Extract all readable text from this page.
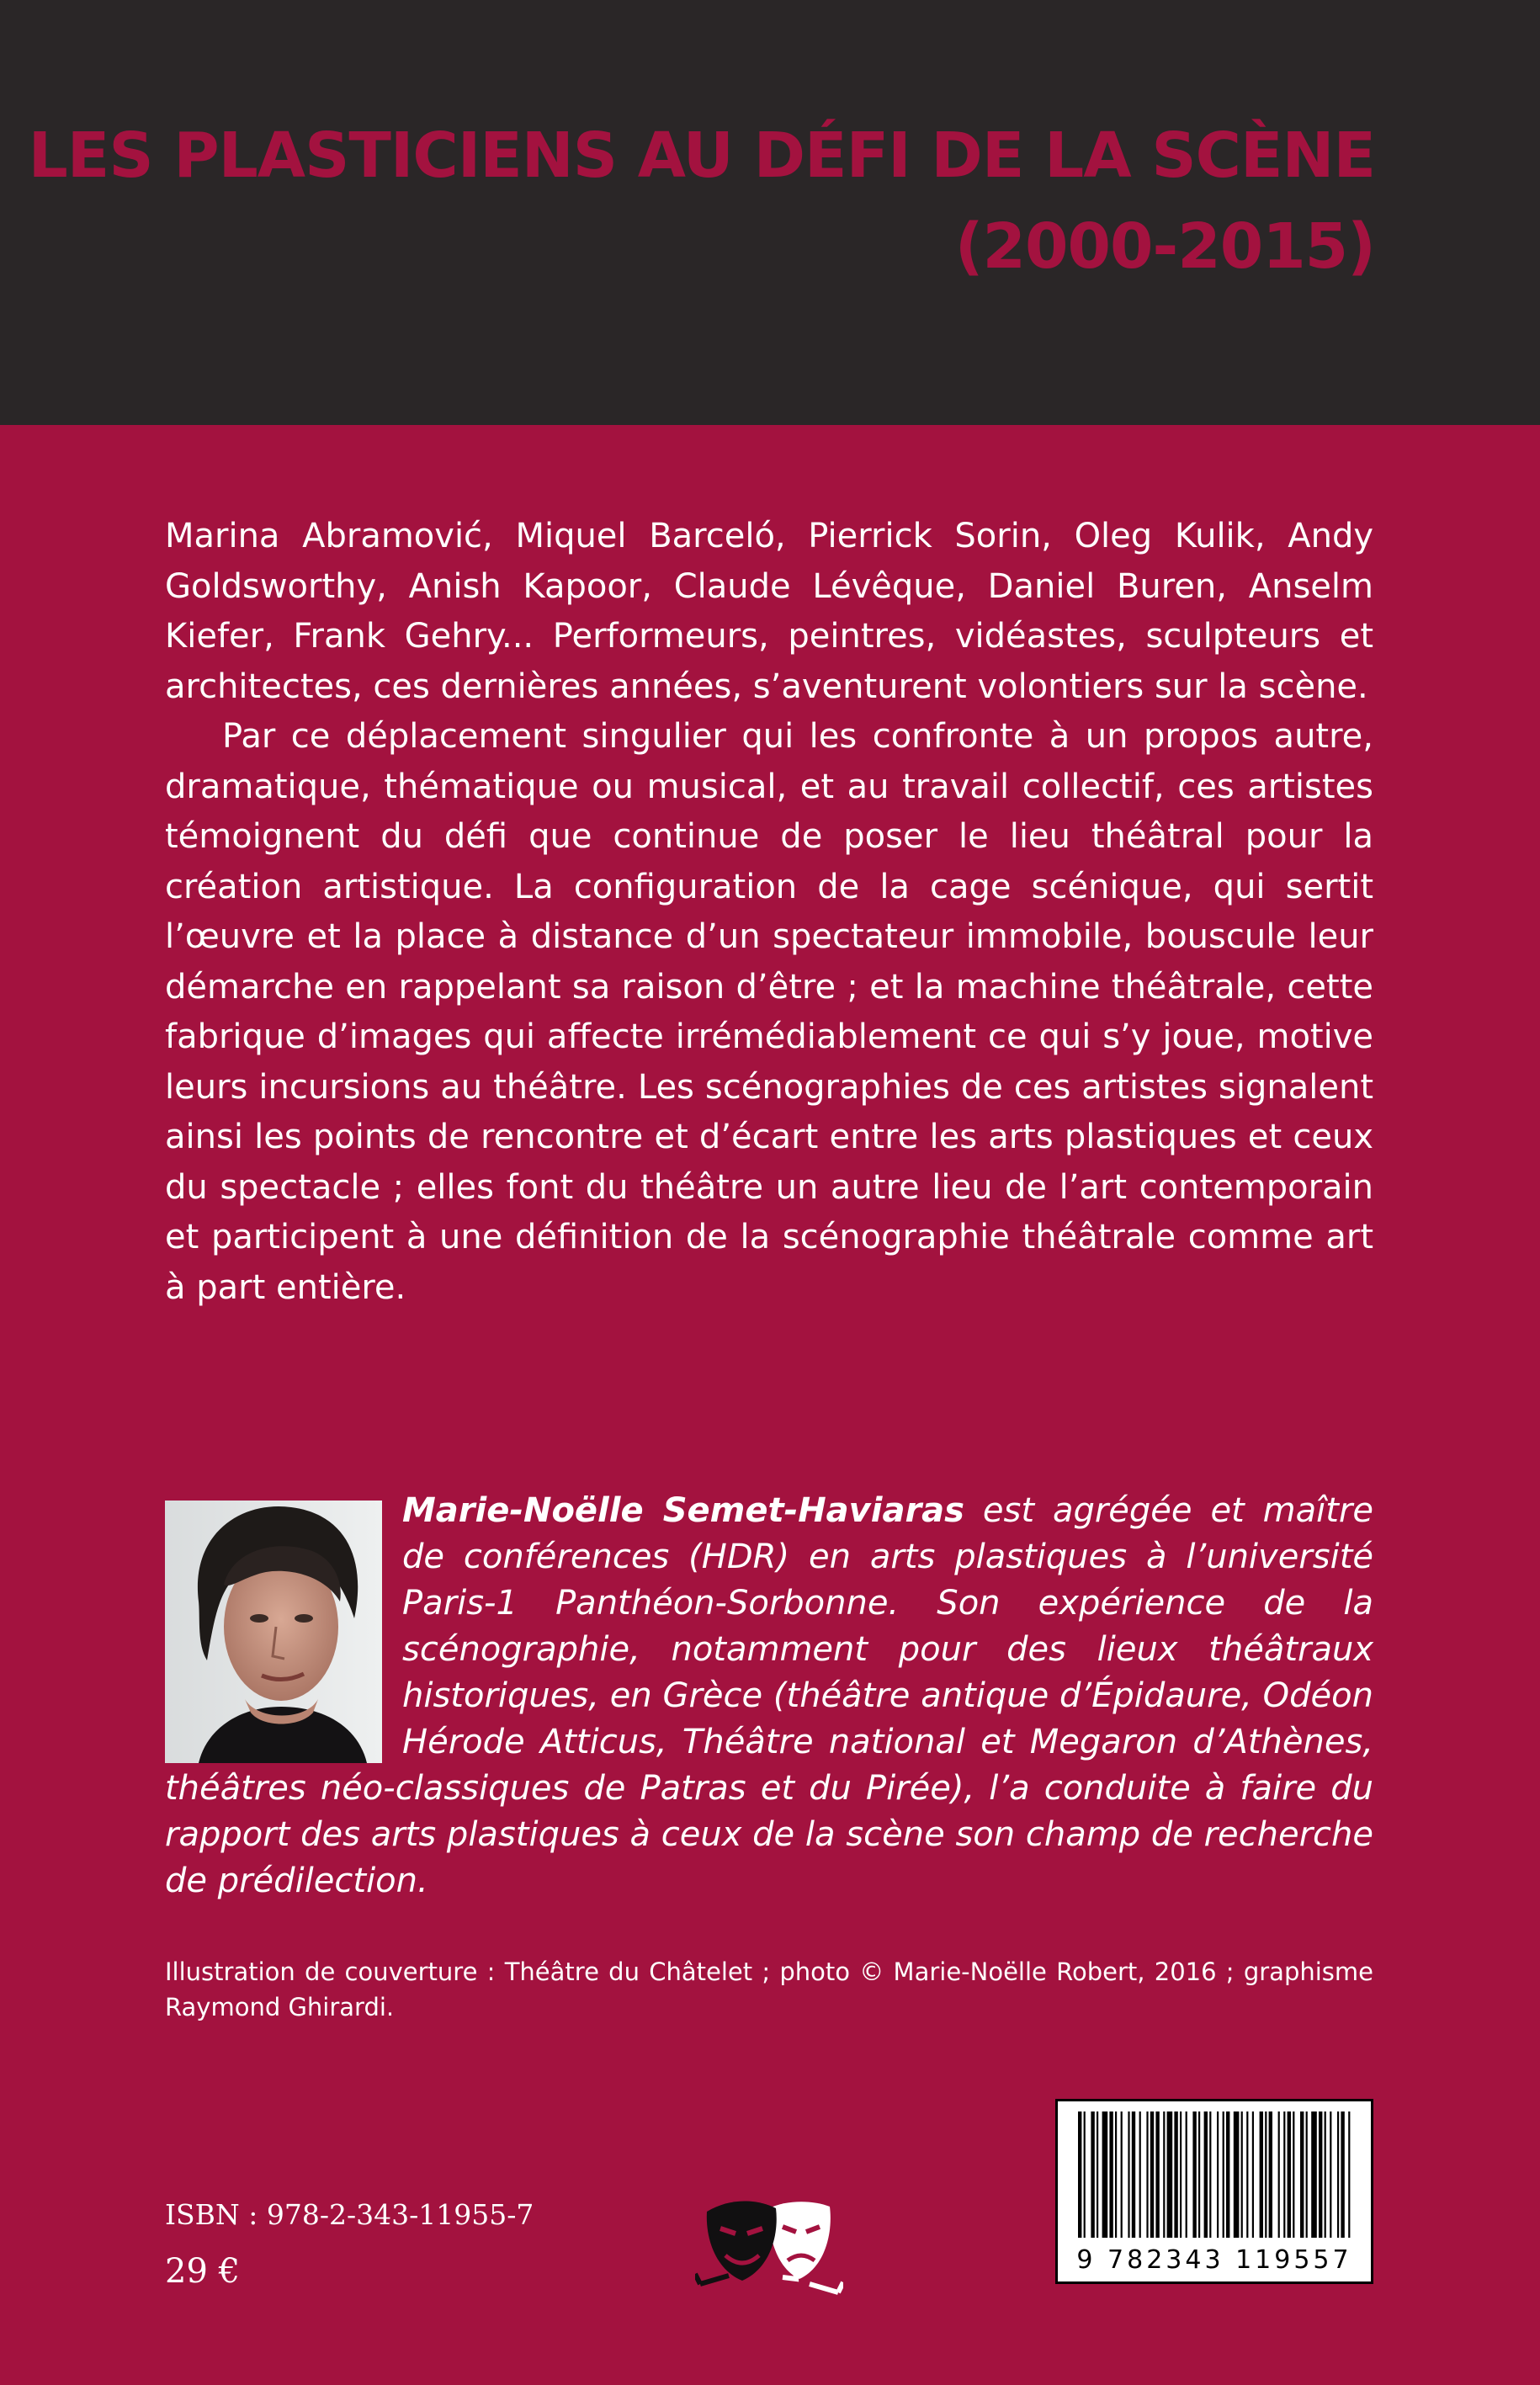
LES PLASTICIENS AU DÉFI DE LA SCÈNE
(2000-2015)

Marina Abramović, Miquel Barceló, Pierrick Sorin, Oleg Kulik, Andy Goldsworthy, Anish Kapoor, Claude Lévêque, Daniel Buren, Anselm Kiefer, Frank Gehry... Performeurs, peintres, vidéastes, sculpteurs et architectes, ces dernières années, s’aventurent volontiers sur la scène.

Par ce déplacement singulier qui les confronte à un propos autre, dramatique, thématique ou musical, et au travail collectif, ces artistes témoignent du défi que continue de poser le lieu théâtral pour la création artistique. La configuration de la cage scénique, qui sertit l’œuvre et la place à distance d’un spectateur immobile, bouscule leur démarche en rappelant sa raison d’être ; et la machine théâtrale, cette fabrique d’images qui affecte irrémédiablement ce qui s’y joue, motive leurs incursions au théâtre. Les scénographies de ces artistes signalent ainsi les points de rencontre et d’écart entre les arts plastiques et ceux du spectacle ; elles font du théâtre un autre lieu de l’art contemporain et participent à une définition de la scénographie théâtrale comme art à part entière.

Marie-Noëlle Semet-Haviaras est agrégée et maître de conférences (HDR) en arts plastiques à l’université Paris-1 Panthéon-Sorbonne. Son expérience de la scénographie, notamment pour des lieux théâtraux historiques, en Grèce (théâtre antique d’Épidaure, Odéon Hérode Atticus, Théâtre national et Megaron d’Athènes, théâtres néo-classiques de Patras et du Pirée), l’a conduite à faire du rapport des arts plastiques à ceux de la scène son champ de recherche de prédilection.

Illustration de couverture : Théâtre du Châtelet ; photo © Marie-Noëlle Robert, 2016 ; graphisme Raymond Ghirardi.

ISBN : 978-2-343-11955-7

29 €	9 782343 119557
